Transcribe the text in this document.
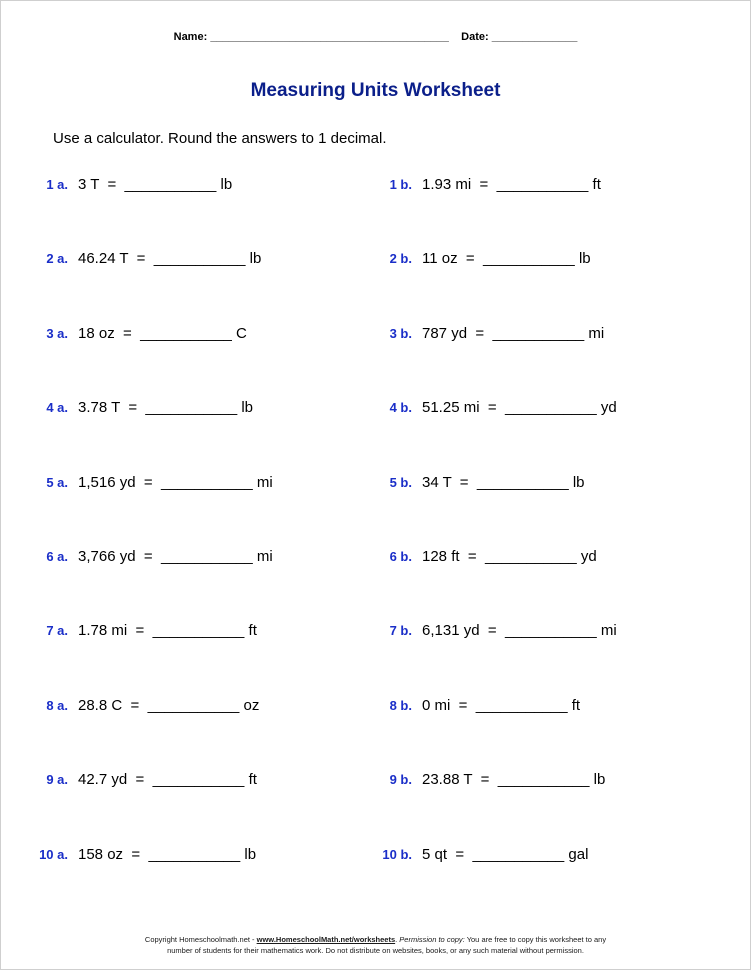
Name: _______________________________________ Date: ______________
Measuring Units Worksheet
Use a calculator. Round the answers to 1 decimal.
1 a. 3 T  =  ___________ lb	1 b. 1.93 mi  =  ___________ ft
2 a. 46.24 T  =  ___________ lb	2 b. 11 oz  =  ___________ lb
3 a. 18 oz  =  ___________ C	3 b. 787 yd  =  ___________ mi
4 a. 3.78 T  =  ___________ lb	4 b. 51.25 mi  =  ___________ yd
5 a. 1,516 yd  =  ___________ mi	5 b. 34 T  =  ___________ lb
6 a. 3,766 yd  =  ___________ mi	6 b. 128 ft  =  ___________ yd
7 a. 1.78 mi  =  ___________ ft	7 b. 6,131 yd  =  ___________ mi
8 a. 28.8 C  =  ___________ oz	8 b. 0 mi  =  ___________ ft
9 a. 42.7 yd  =  ___________ ft	9 b. 23.88 T  =  ___________ lb
10 a. 158 oz  =  ___________ lb	10 b. 5 qt  =  ___________ gal
Copyright Homeschoolmath.net - www.HomeschoolMath.net/worksheets. Permission to copy: You are free to copy this worksheet to any
number of students for their mathematics work. Do not distribute on websites, books, or any such material without permission.
